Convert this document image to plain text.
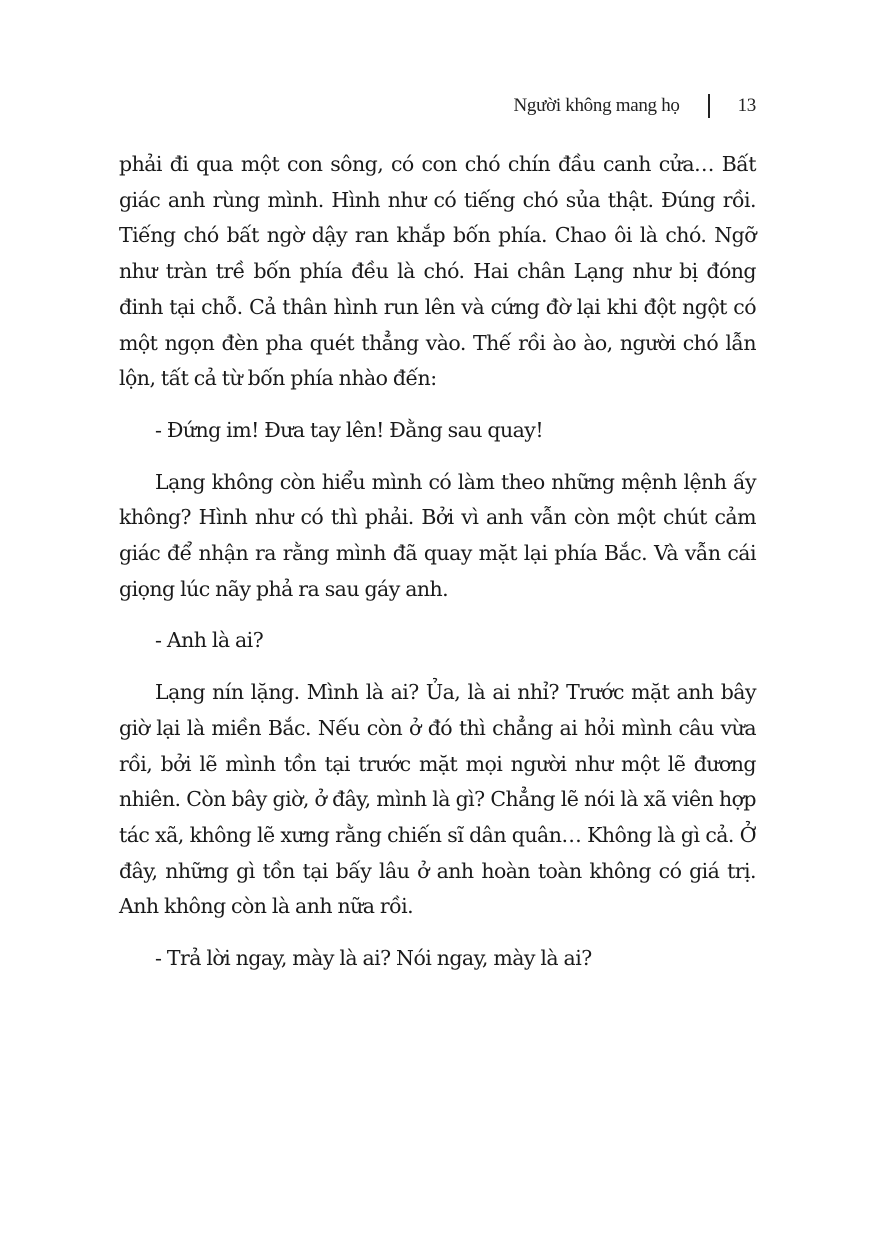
Người không mang họ	13

phải đi qua một con sông, có con chó chín đầu canh cửa… Bất giác anh rùng mình. Hình như có tiếng chó sủa thật. Đúng rồi. Tiếng chó bất ngờ dậy ran khắp bốn phía. Chao ôi là chó. Ngỡ như tràn trề bốn phía đều là chó. Hai chân Lạng như bị đóng đinh tại chỗ. Cả thân hình run lên và cứng đờ lại khi đột ngột có một ngọn đèn pha quét thẳng vào. Thế rồi ào ào, người chó lẫn lộn, tất cả từ bốn phía nhào đến:

- Đứng im! Đưa tay lên! Đằng sau quay!

Lạng không còn hiểu mình có làm theo những mệnh lệnh ấy không? Hình như có thì phải. Bởi vì anh vẫn còn một chút cảm giác để nhận ra rằng mình đã quay mặt lại phía Bắc. Và vẫn cái giọng lúc nãy phả ra sau gáy anh.

- Anh là ai?

Lạng nín lặng. Mình là ai? Ủa, là ai nhỉ? Trước mặt anh bây giờ lại là miền Bắc. Nếu còn ở đó thì chẳng ai hỏi mình câu vừa rồi, bởi lẽ mình tồn tại trước mặt mọi người như một lẽ đương nhiên. Còn bây giờ, ở đây, mình là gì? Chẳng lẽ nói là xã viên hợp tác xã, không lẽ xưng rằng chiến sĩ dân quân… Không là gì cả. Ở đây, những gì tồn tại bấy lâu ở anh hoàn toàn không có giá trị. Anh không còn là anh nữa rồi.

- Trả lời ngay, mày là ai? Nói ngay, mày là ai?
